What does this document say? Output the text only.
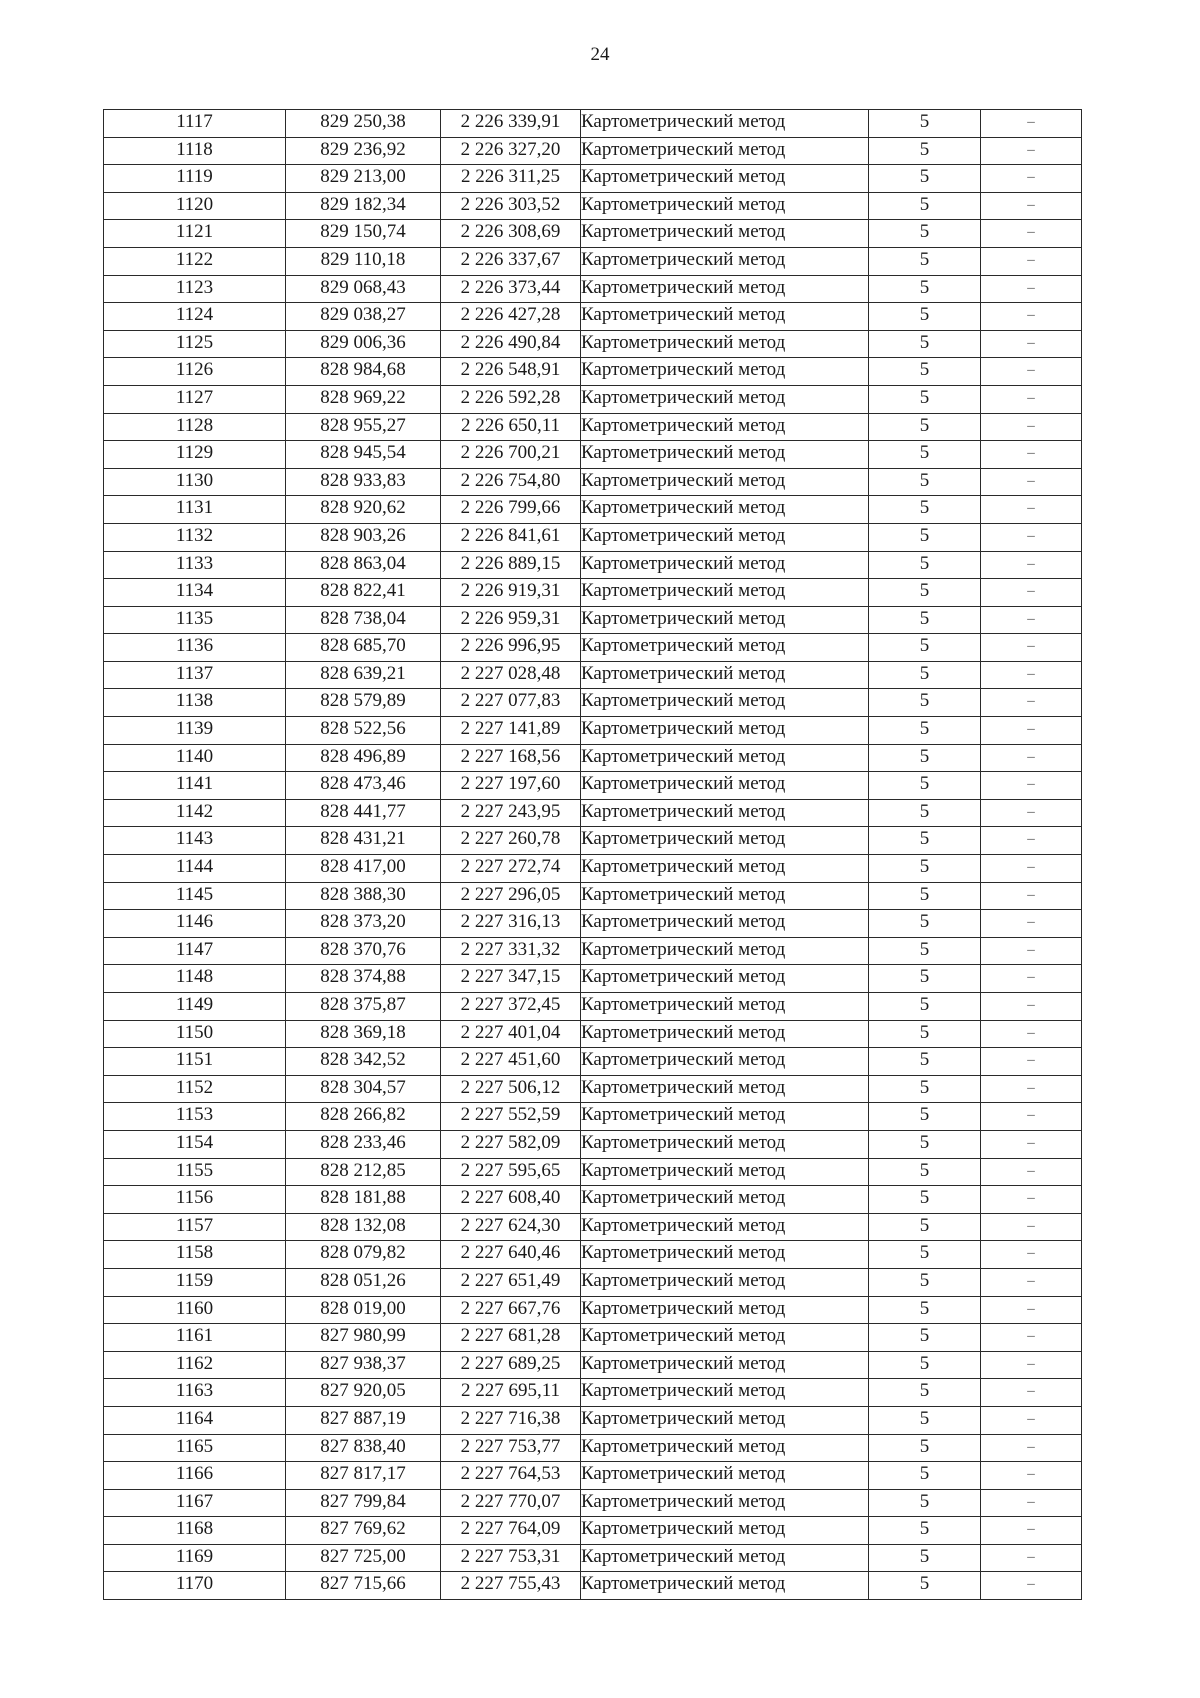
24
1117	829 250,38	2 226 339,91	Картометрический метод	5	–
1118	829 236,92	2 226 327,20	Картометрический метод	5	–
1119	829 213,00	2 226 311,25	Картометрический метод	5	–
1120	829 182,34	2 226 303,52	Картометрический метод	5	–
1121	829 150,74	2 226 308,69	Картометрический метод	5	–
1122	829 110,18	2 226 337,67	Картометрический метод	5	–
1123	829 068,43	2 226 373,44	Картометрический метод	5	–
1124	829 038,27	2 226 427,28	Картометрический метод	5	–
1125	829 006,36	2 226 490,84	Картометрический метод	5	–
1126	828 984,68	2 226 548,91	Картометрический метод	5	–
1127	828 969,22	2 226 592,28	Картометрический метод	5	–
1128	828 955,27	2 226 650,11	Картометрический метод	5	–
1129	828 945,54	2 226 700,21	Картометрический метод	5	–
1130	828 933,83	2 226 754,80	Картометрический метод	5	–
1131	828 920,62	2 226 799,66	Картометрический метод	5	–
1132	828 903,26	2 226 841,61	Картометрический метод	5	–
1133	828 863,04	2 226 889,15	Картометрический метод	5	–
1134	828 822,41	2 226 919,31	Картометрический метод	5	–
1135	828 738,04	2 226 959,31	Картометрический метод	5	–
1136	828 685,70	2 226 996,95	Картометрический метод	5	–
1137	828 639,21	2 227 028,48	Картометрический метод	5	–
1138	828 579,89	2 227 077,83	Картометрический метод	5	–
1139	828 522,56	2 227 141,89	Картометрический метод	5	–
1140	828 496,89	2 227 168,56	Картометрический метод	5	–
1141	828 473,46	2 227 197,60	Картометрический метод	5	–
1142	828 441,77	2 227 243,95	Картометрический метод	5	–
1143	828 431,21	2 227 260,78	Картометрический метод	5	–
1144	828 417,00	2 227 272,74	Картометрический метод	5	–
1145	828 388,30	2 227 296,05	Картометрический метод	5	–
1146	828 373,20	2 227 316,13	Картометрический метод	5	–
1147	828 370,76	2 227 331,32	Картометрический метод	5	–
1148	828 374,88	2 227 347,15	Картометрический метод	5	–
1149	828 375,87	2 227 372,45	Картометрический метод	5	–
1150	828 369,18	2 227 401,04	Картометрический метод	5	–
1151	828 342,52	2 227 451,60	Картометрический метод	5	–
1152	828 304,57	2 227 506,12	Картометрический метод	5	–
1153	828 266,82	2 227 552,59	Картометрический метод	5	–
1154	828 233,46	2 227 582,09	Картометрический метод	5	–
1155	828 212,85	2 227 595,65	Картометрический метод	5	–
1156	828 181,88	2 227 608,40	Картометрический метод	5	–
1157	828 132,08	2 227 624,30	Картометрический метод	5	–
1158	828 079,82	2 227 640,46	Картометрический метод	5	–
1159	828 051,26	2 227 651,49	Картометрический метод	5	–
1160	828 019,00	2 227 667,76	Картометрический метод	5	–
1161	827 980,99	2 227 681,28	Картометрический метод	5	–
1162	827 938,37	2 227 689,25	Картометрический метод	5	–
1163	827 920,05	2 227 695,11	Картометрический метод	5	–
1164	827 887,19	2 227 716,38	Картометрический метод	5	–
1165	827 838,40	2 227 753,77	Картометрический метод	5	–
1166	827 817,17	2 227 764,53	Картометрический метод	5	–
1167	827 799,84	2 227 770,07	Картометрический метод	5	–
1168	827 769,62	2 227 764,09	Картометрический метод	5	–
1169	827 725,00	2 227 753,31	Картометрический метод	5	–
1170	827 715,66	2 227 755,43	Картометрический метод	5	–
